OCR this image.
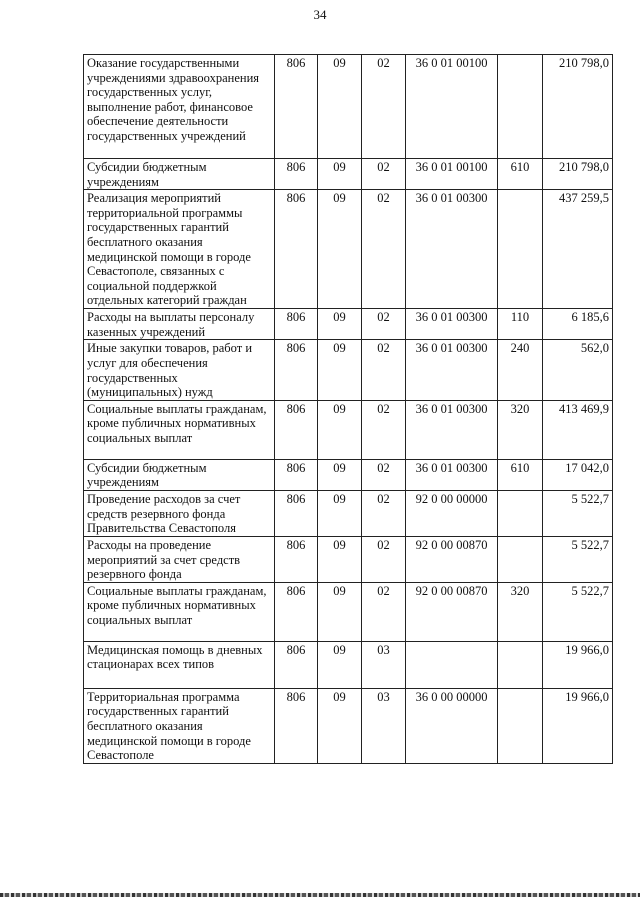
34
Оказание государственными учреждениями здравоохранения государственных услуг, выполнение работ, финансовое обеспечение деятельности государственных учреждений	806	09	02	36 0 01 00100		210 798,0
Субсидии бюджетным учреждениям	806	09	02	36 0 01 00100	610	210 798,0
Реализация мероприятий территориальной программы государственных гарантий бесплатного оказания медицинской помощи в городе Севастополе, связанных с социальной поддержкой отдельных категорий граждан	806	09	02	36 0 01 00300		437 259,5
Расходы на выплаты персоналу казенных учреждений	806	09	02	36 0 01 00300	110	6 185,6
Иные закупки товаров, работ и услуг для обеспечения государственных (муниципальных) нужд	806	09	02	36 0 01 00300	240	562,0
Социальные выплаты гражданам, кроме публичных нормативных социальных выплат	806	09	02	36 0 01 00300	320	413 469,9
Субсидии бюджетным учреждениям	806	09	02	36 0 01 00300	610	17 042,0
Проведение расходов за счет средств резервного фонда Правительства Севастополя	806	09	02	92 0 00 00000		5 522,7
Расходы на проведение мероприятий за счет средств резервного фонда	806	09	02	92 0 00 00870		5 522,7
Социальные выплаты гражданам, кроме публичных нормативных социальных выплат	806	09	02	92 0 00 00870	320	5 522,7
Медицинская помощь в дневных стационарах всех типов	806	09	03			19 966,0
Территориальная программа государственных гарантий бесплатного оказания медицинской помощи в городе Севастополе	806	09	03	36 0 00 00000		19 966,0
